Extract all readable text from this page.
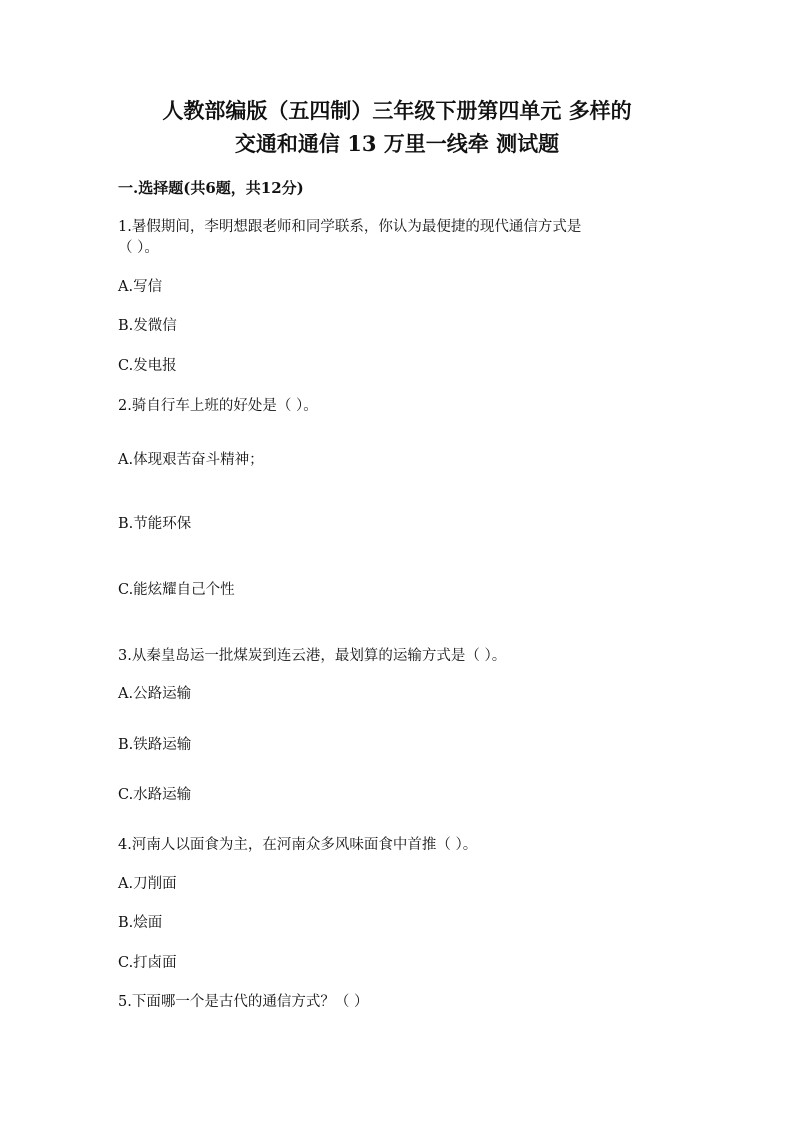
人教部编版（五四制）三年级下册第四单元 多样的
交通和通信 13 万里一线牵 测试题
一.选择题(共6题，共12分)
1.暑假期间，李明想跟老师和同学联系，你认为最便捷的现代通信方式是
（ ）。
A.写信
B.发微信
C.发电报
2.骑自行车上班的好处是（ ）。
A.体现艰苦奋斗精神；
B.节能环保
C.能炫耀自己个性
3.从秦皇岛运一批煤炭到连云港，最划算的运输方式是（ ）。
A.公路运输
B.铁路运输
C.水路运输
4.河南人以面食为主，在河南众多风味面食中首推（ ）。
A.刀削面
B.烩面
C.打卤面
5.下面哪一个是古代的通信方式？（ ）
